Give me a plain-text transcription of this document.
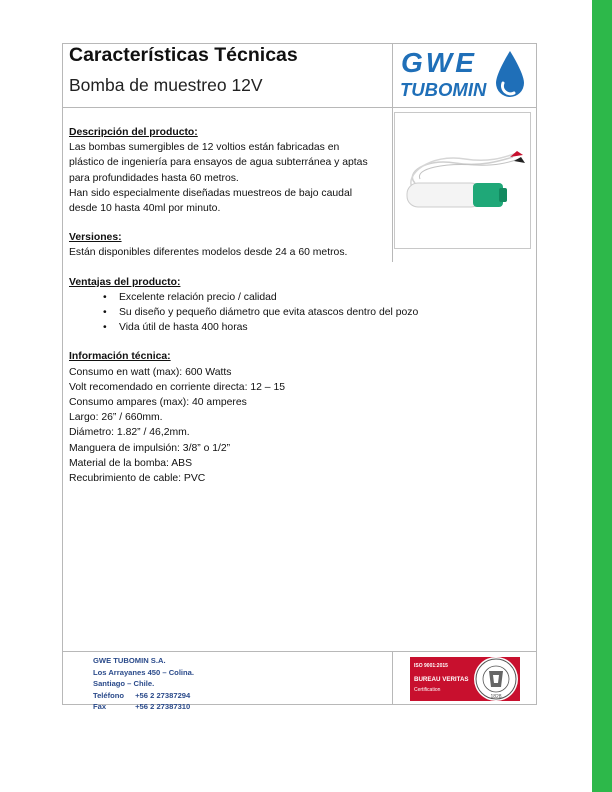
Características Técnicas
Bomba de muestreo 12V
GWE
TUBOMIN

Descripción del producto:

Las bombas sumergibles de 12 voltios están fabricadas en

plástico de ingeniería para ensayos de agua subterránea y aptas

para profundidades hasta 60 metros.

Han sido especialmente diseñadas muestreos de bajo caudal

desde 10 hasta 40ml por minuto.

Versiones:

Están disponibles diferentes modelos desde 24 a 60 metros.

Ventajas del producto:

• Excelente relación precio / calidad
• Su diseño y pequeño diámetro que evita atascos dentro del pozo
• Vida útil de hasta 400 horas

Información técnica:

Consumo en watt (max): 600 Watts

Volt recomendado en corriente directa: 12 – 15

Consumo ampares (max): 40 amperes

Largo: 26” / 660mm.

Diámetro: 1.82” / 46,2mm.

Manguera de impulsión: 3/8” o 1/2”

Material de la bomba: ABS

Recubrimiento de cable: PVC

GWE TUBOMIN S.A.
Los Arrayanes 450 – Colina.
Santiago – Chile.
Teléfono +56 2 27387294
Fax	+56 2 27387310
ISO 9001:2015
BUREAU VERITAS
Certification
1828
